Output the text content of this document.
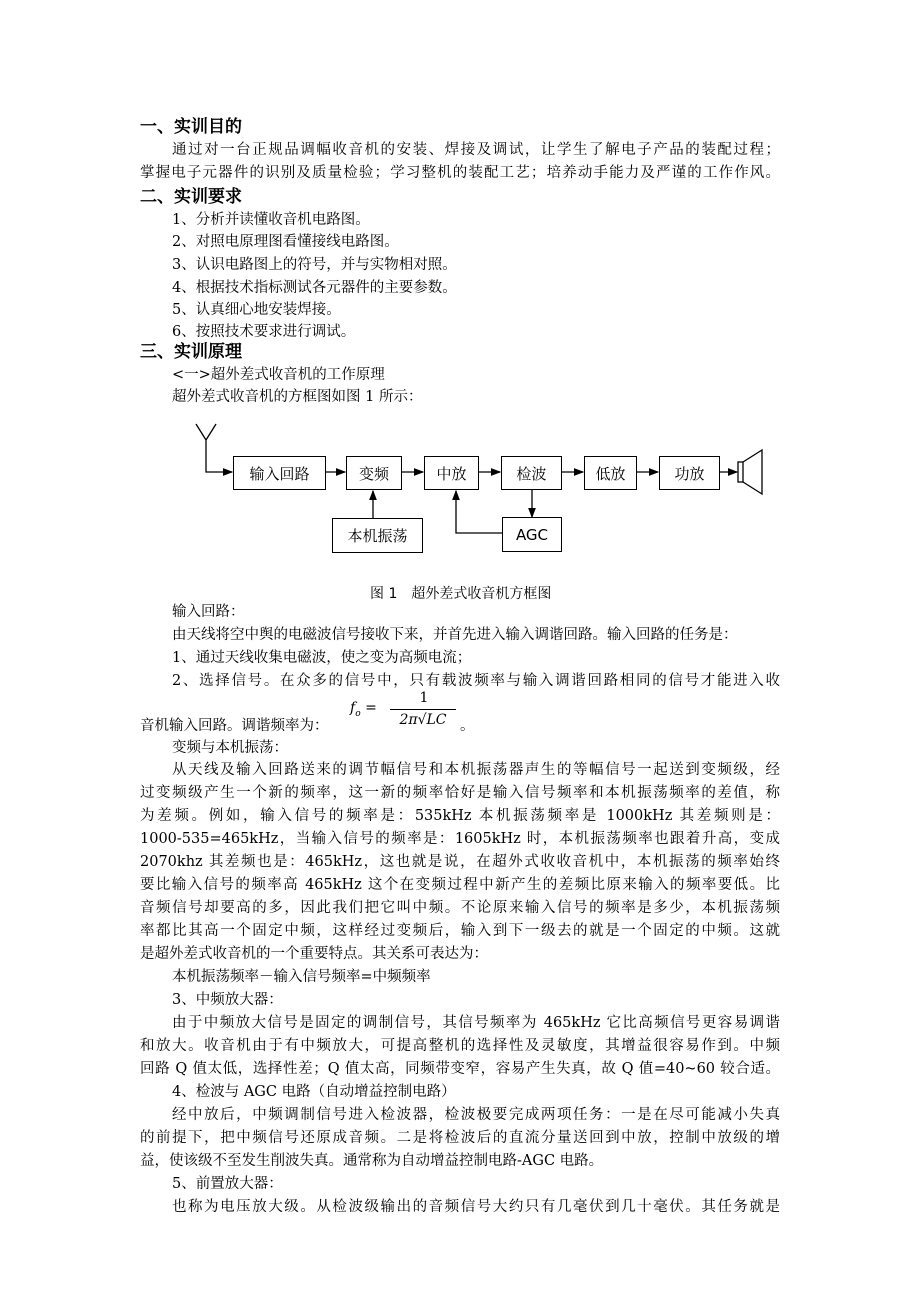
一、实训目的
通过对一台正规品调幅收音机的安装、焊接及调试，让学生了解电子产品的装配过程；
掌握电子元器件的识别及质量检验；学习整机的装配工艺；培养动手能力及严谨的工作作风。
二、实训要求
1、分析并读懂收音机电路图。
2、对照电原理图看懂接线电路图。
3、认识电路图上的符号，并与实物相对照。
4、根据技术指标测试各元器件的主要参数。
5、认真细心地安装焊接。
6、按照技术要求进行调试。
三、实训原理
<一>超外差式收音机的工作原理
超外差式收音机的方框图如图 1 所示：
输入回路	变频	中放	检波	低放	功放
本机振荡	AGC
图 1　超外差式收音机方框图
输入回路：
由天线将空中舆的电磁波信号接收下来，并首先进入输入调谐回路。输入回路的任务是：
1、通过天线收集电磁波，使之变为高频电流；
2、选择信号。在众多的信号中，只有载波频率与输入调谐回路相同的信号才能进入收
音机输入回路。调谐频率为：
$f_o$ =
1
2π√LC 。
变频与本机振荡：
从天线及输入回路送来的调节幅信号和本机振荡器声生的等幅信号一起送到变频级，经
过变频级产生一个新的频率，这一新的频率恰好是输入信号频率和本机振荡频率的差值，称
为差频。例如，输入信号的频率是：535kHz 本机振荡频率是 1000kHz 其差频则是：
1000-535=465kHz，当输入信号的频率是：1605kHz 时，本机振荡频率也跟着升高，变成
2070khz 其差频也是：465kHz，这也就是说，在超外式收收音机中，本机振荡的频率始终
要比输入信号的频率高 465kHz 这个在变频过程中新产生的差频比原来输入的频率要低。比
音频信号却要高的多，因此我们把它叫中频。不论原来输入信号的频率是多少，本机振荡频
率都比其高一个固定中频，这样经过变频后，输入到下一级去的就是一个固定的中频。这就
是超外差式收音机的一个重要特点。其关系可表达为：
本机振荡频率－输入信号频率=中频频率
3、中频放大器：
由于中频放大信号是固定的调制信号，其信号频率为 465kHz 它比高频信号更容易调谐
和放大。收音机由于有中频放大，可提高整机的选择性及灵敏度，其增益很容易作到。中频
回路 Q 值太低，选择性差；Q 值太高，同频带变窄，容易产生失真，故 Q 值=40~60 较合适。
4、检波与 AGC 电路（自动增益控制电路）
经中放后，中频调制信号进入检波器，检波极要完成两项任务：一是在尽可能减小失真
的前提下，把中频信号还原成音频。二是将检波后的直流分量送回到中放，控制中放级的增
益，使该级不至发生削波失真。通常称为自动增益控制电路-AGC 电路。
5、前置放大器：
也称为电压放大级。从检波级输出的音频信号大约只有几毫伏到几十毫伏。其任务就是
